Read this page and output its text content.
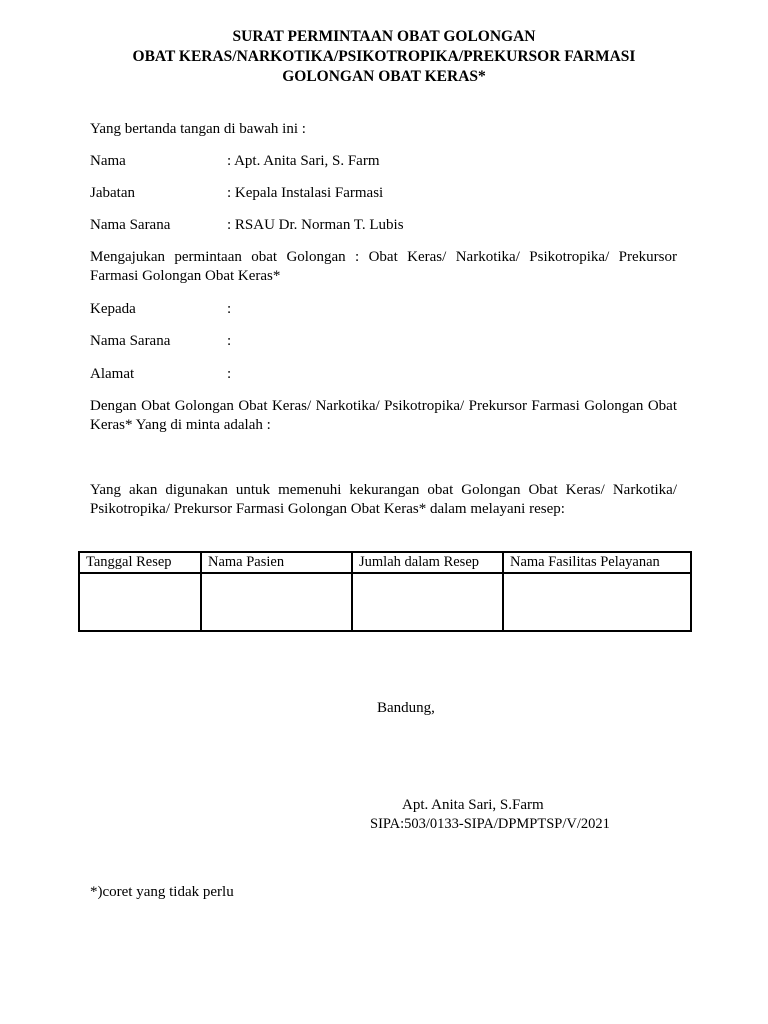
SURAT PERMINTAAN OBAT GOLONGAN
OBAT KERAS/NARKOTIKA/PSIKOTROPIKA/PREKURSOR FARMASI
GOLONGAN OBAT KERAS*
Yang bertanda tangan di bawah ini :
Nama	: Apt. Anita Sari, S. Farm
Jabatan	: Kepala Instalasi Farmasi
Nama Sarana	: RSAU Dr. Norman T. Lubis
Mengajukan permintaan obat Golongan : Obat Keras/ Narkotika/ Psikotropika/ Prekursor Farmasi Golongan Obat Keras*
Kepada	:
Nama Sarana	:
Alamat	:
Dengan Obat Golongan Obat Keras/ Narkotika/ Psikotropika/ Prekursor Farmasi Golongan Obat Keras* Yang di minta adalah :
Yang akan digunakan untuk memenuhi kekurangan obat Golongan Obat Keras/ Narkotika/ Psikotropika/ Prekursor Farmasi Golongan Obat Keras* dalam melayani resep:
Tanggal Resep	Nama Pasien	Jumlah dalam Resep	Nama Fasilitas Pelayanan

Bandung,
Apt. Anita Sari, S.Farm
SIPA:503/0133-SIPA/DPMPTSP/V/2021
*)coret yang tidak perlu
